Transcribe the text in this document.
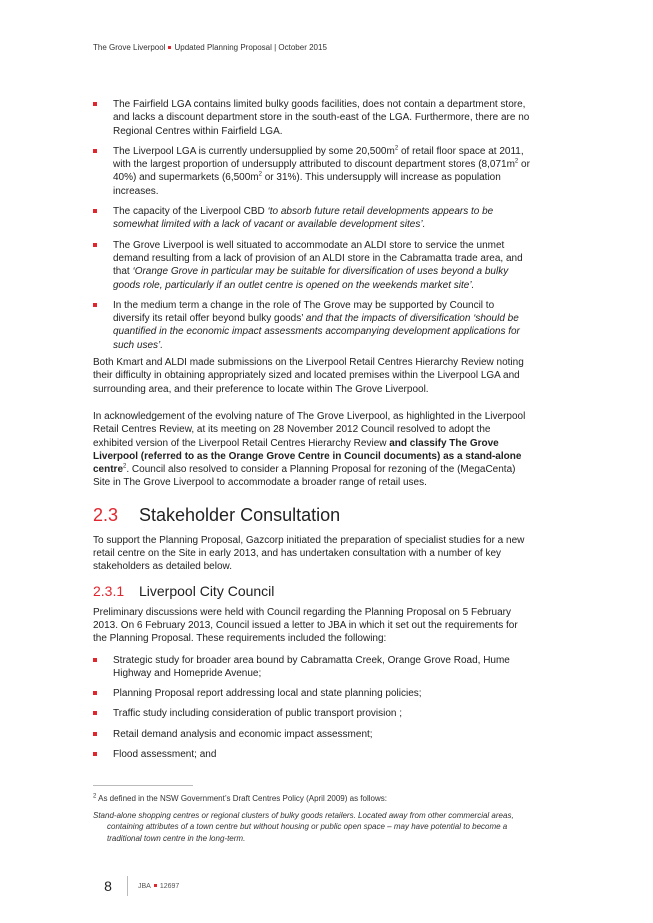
The Grove Liverpool Updated Planning Proposal | October 2015
The Fairfield LGA contains limited bulky goods facilities, does not contain a department store, and lacks a discount department store in the south-east of the LGA. Furthermore, there are no Regional Centres within Fairfield LGA.
The Liverpool LGA is currently undersupplied by some $20,500m^2$ of retail floor space at 2011, with the largest proportion of undersupply attributed to discount department stores ($8,071m^2$ or 40%) and supermarkets ($6,500m^2$ or 31%). This undersupply will increase as population increases.
The capacity of the Liverpool CBD ‘to absorb future retail developments appears to be somewhat limited with a lack of vacant or available development sites’.
The Grove Liverpool is well situated to accommodate an ALDI store to service the unmet demand resulting from a lack of provision of an ALDI store in the Cabramatta trade area, and that ‘Orange Grove in particular may be suitable for diversification of uses beyond a bulky goods role, particularly if an outlet centre is opened on the weekends market site’.
In the medium term a change in the role of The Grove may be supported by Council to diversify its retail offer beyond bulky goods’ and that the impacts of diversification ‘should be quantified in the economic impact assessments accompanying development applications for such uses’.

Both Kmart and ALDI made submissions on the Liverpool Retail Centres Hierarchy Review noting their difficulty in obtaining appropriately sized and located premises within the Liverpool LGA and surrounding area, and their preference to locate within The Grove Liverpool.

In acknowledgement of the evolving nature of The Grove Liverpool, as highlighted in the Liverpool Retail Centres Review, at its meeting on 28 November 2012 Council resolved to adopt the exhibited version of the Liverpool Retail Centres Hierarchy Review and classify The Grove Liverpool (referred to as the Orange Grove Centre in Council documents) as a stand-alone centre$^2$. Council also resolved to consider a Planning Proposal for rezoning of the (MegaCenta) Site in The Grove Liverpool to accommodate a broader range of retail uses.

2.3 Stakeholder Consultation

To support the Planning Proposal, Gazcorp initiated the preparation of specialist studies for a new retail centre on the Site in early 2013, and has undertaken consultation with a number of key stakeholders as detailed below.

2.3.1 Liverpool City Council

Preliminary discussions were held with Council regarding the Planning Proposal on 5 February 2013. On 6 February 2013, Council issued a letter to JBA in which it set out the requirements for the Planning Proposal. These requirements included the following:

Strategic study for broader area bound by Cabramatta Creek, Orange Grove Road, Hume Highway and Homepride Avenue;
Planning Proposal report addressing local and state planning policies;
Traffic study including consideration of public transport provision ;
Retail demand analysis and economic impact assessment;
Flood assessment; and
$^2$ As defined in the NSW Government’s Draft Centres Policy (April 2009) as follows:
Stand-alone shopping centres or regional clusters of bulky goods retailers. Located away from other commercial areas, containing attributes of a town centre but without housing or public open space – may have potential to become a traditional town centre in the long-term.
8	JBA 12697
